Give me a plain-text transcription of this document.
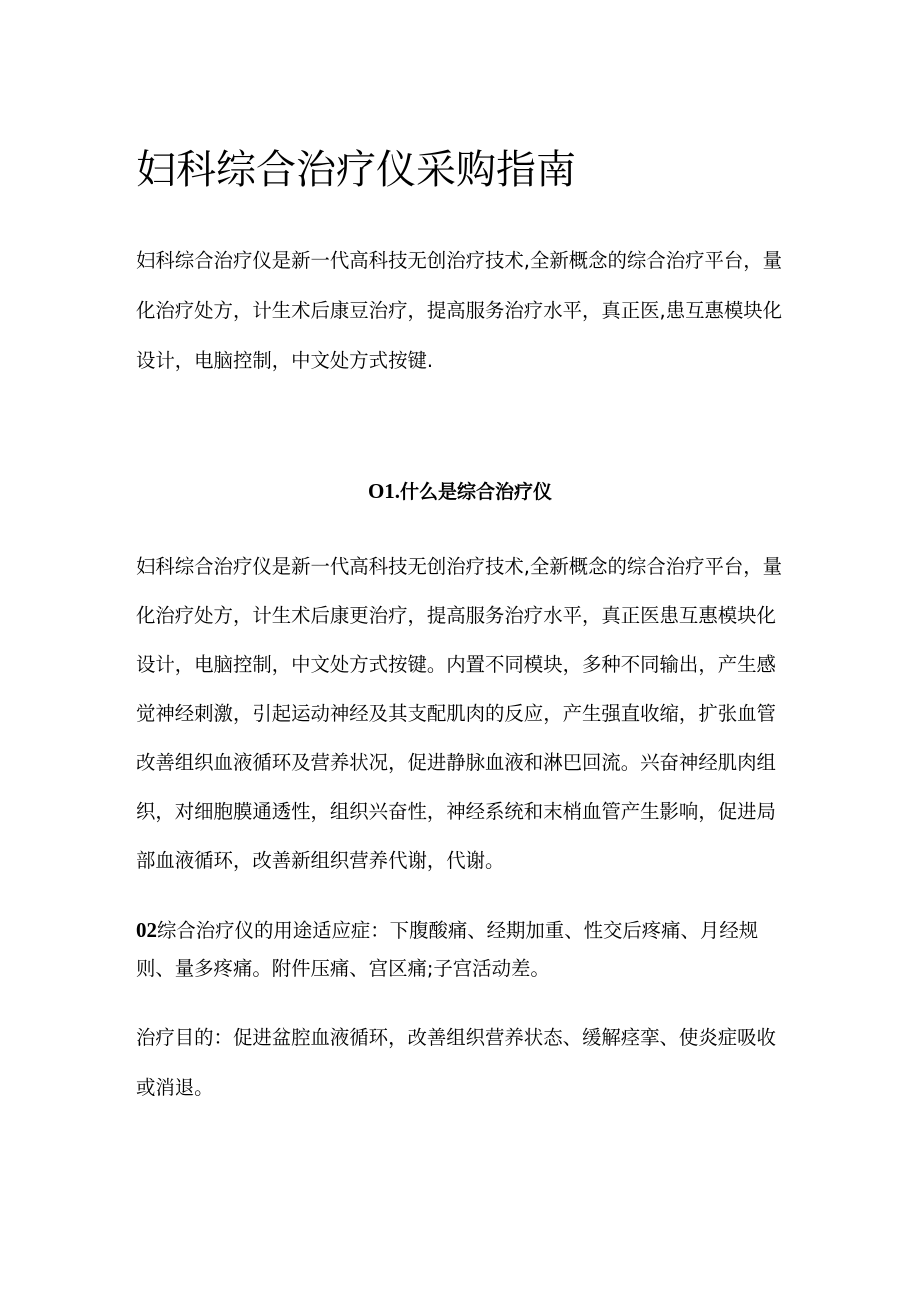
妇科综合治疗仪采购指南

妇科综合治疗仪是新一代高科技无创治疗技术,全新概念的综合治疗平台，量化治疗处方，计生术后康豆治疗，提高服务治疗水平，真正医,患互惠模块化设计，电脑控制，中文处方式按键.

O1.什么是综合治疗仪

妇科综合治疗仪是新一代高科技无创治疗技术,全新概念的综合治疗平台，量化治疗处方，计生术后康更治疗，提高服务治疗水平，真正医患互惠模块化设计，电脑控制，中文处方式按键。内置不同模块，多种不同输出，产生感觉神经刺激，引起运动神经及其支配肌肉的反应，产生强直收缩，扩张血管改善组织血液循环及营养状况，促进静脉血液和淋巴回流。兴奋神经肌肉组织，对细胞膜通透性，组织兴奋性，神经系统和末梢血管产生影响，促进局部血液循环，改善新组织营养代谢，代谢。

02综合治疗仪的用途适应症：下腹酸痛、经期加重、性交后疼痛、月经规则、量多疼痛。附件压痛、宫区痛;子宫活动差。

治疗目的：促进盆腔血液循环，改善组织营养状态、缓解痉挛、使炎症吸收或消退。
